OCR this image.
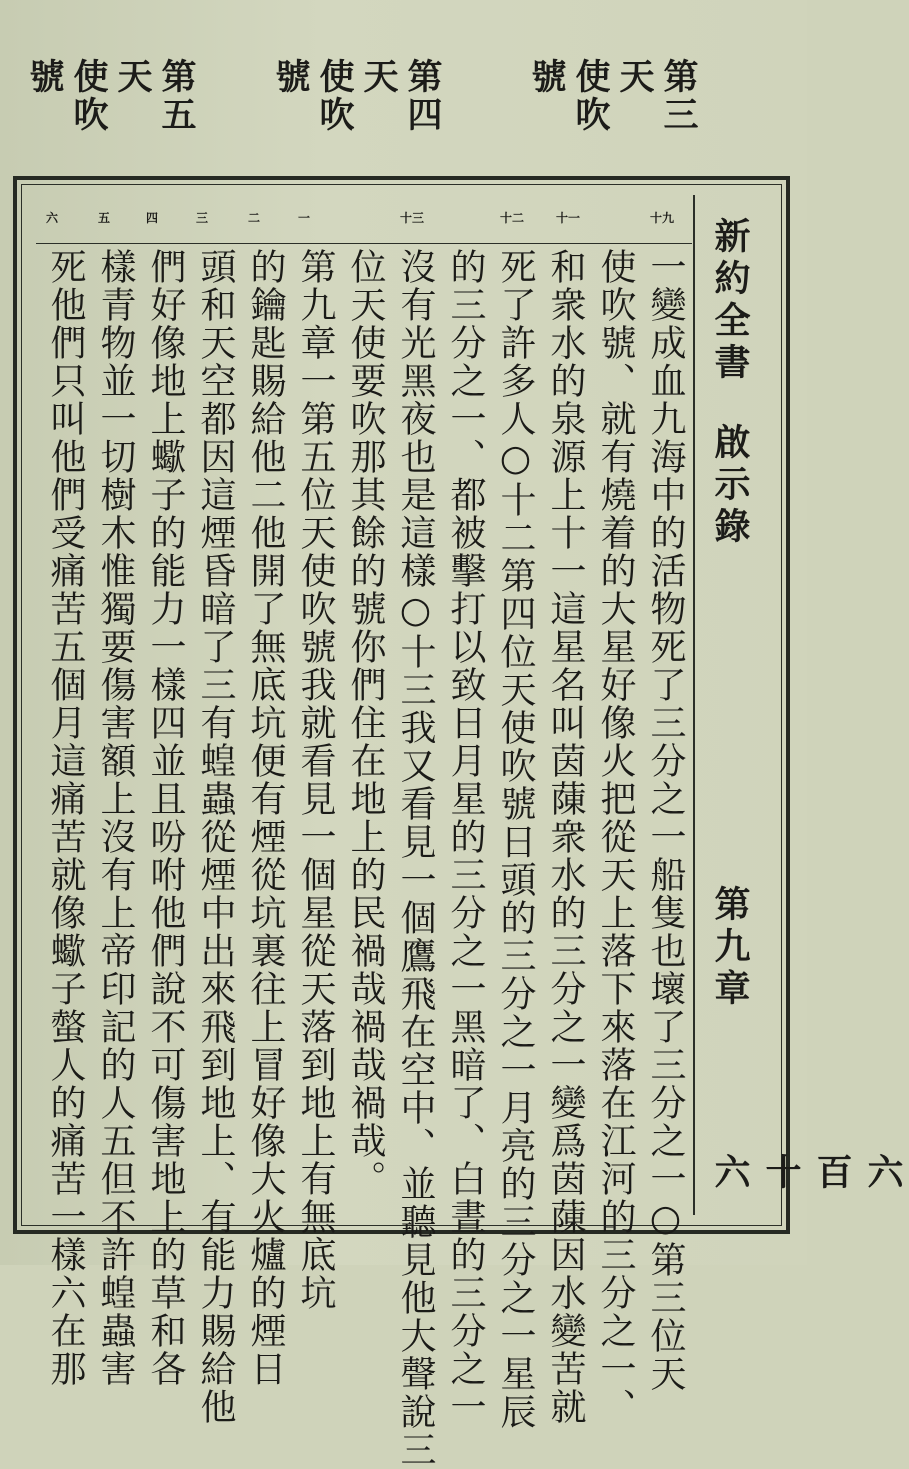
第三天
使吹號
第四天
使吹號
第五天
使吹號
新約全書
啟示錄
第九章
六百十六
十九
十一
十二
十三
一
二
三
四
五
六
一變成血九海中的活物死了三分之一船隻也壞了三分之一○第三位天
使吹號、就有燒着的大星好像火把從天上落下來落在江河的三分之一、
和衆水的泉源上十一這星名叫茵蔯衆水的三分之一變爲茵蔯因水變苦就
死了許多人○十二第四位天使吹號日頭的三分之一月亮的三分之一星辰
的三分之一、都被擊打以致日月星的三分之一黑暗了、白晝的三分之一
沒有光黑夜也是這樣○十三我又看見一個鷹飛在空中、並聽見他大聲說三
位天使要吹那其餘的號你們住在地上的民禍哉禍哉禍哉。
第九章一第五位天使吹號我就看見一個星從天落到地上有無底坑
的鑰匙賜給他二他開了無底坑便有煙從坑裏往上冒好像大火爐的煙日
頭和天空都因這煙昏暗了三有蝗蟲從煙中出來飛到地上、有能力賜給他
們好像地上蠍子的能力一樣四並且吩咐他們說不可傷害地上的草和各
樣青物並一切樹木惟獨要傷害額上沒有上帝印記的人五但不許蝗蟲害
死他們只叫他們受痛苦五個月這痛苦就像蠍子螫人的痛苦一樣六在那
